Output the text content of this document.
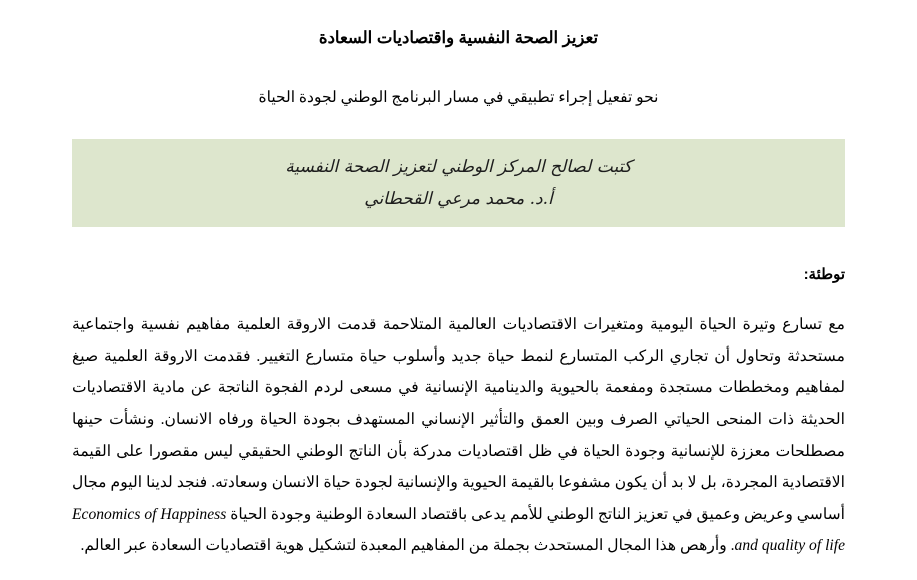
تعزيز الصحة النفسية واقتصاديات السعادة

نحو تفعيل إجراء تطبيقي في مسار البرنامج الوطني لجودة الحياة

كتبت لصالح المركز الوطني لتعزيز الصحة النفسية
أ.د. محمد مرعي القحطاني
توطئة:

مع تسارع وتيرة الحياة اليومية ومتغيرات الاقتصاديات العالمية المتلاحمة قدمت الاروقة العلمية مفاهيم نفسية واجتماعية مستحدثة وتحاول أن تجاري الركب المتسارع لنمط حياة جديد وأسلوب حياة متسارع التغيير. فقدمت الاروقة العلمية صيغ لمفاهيم ومخططات مستجدة ومفعمة بالحيوية والدينامية الإنسانية في مسعى لردم الفجوة الناتجة عن مادية الاقتصاديات الحديثة ذات المنحى الحياتي الصرف وبين العمق والتأثير الإنساني المستهدف بجودة الحياة ورفاه الانسان. ونشأت حينها مصطلحات معززة للإنسانية وجودة الحياة في ظل اقتصاديات مدركة بأن الناتج الوطني الحقيقي ليس مقصورا على القيمة الاقتصادية المجردة، بل لا بد أن يكون مشفوعا بالقيمة الحيوية والإنسانية لجودة حياة الانسان وسعادته. فنجد لدينا اليوم مجال أساسي وعريض وعميق في تعزيز الناتج الوطني للأمم يدعى باقتصاد السعادة الوطنية وجودة الحياة Economics of Happiness and quality of life. وأرهص هذا المجال المستحدث بجملة من المفاهيم المعبدة لتشكيل هوية اقتصاديات السعادة عبر العالم.
